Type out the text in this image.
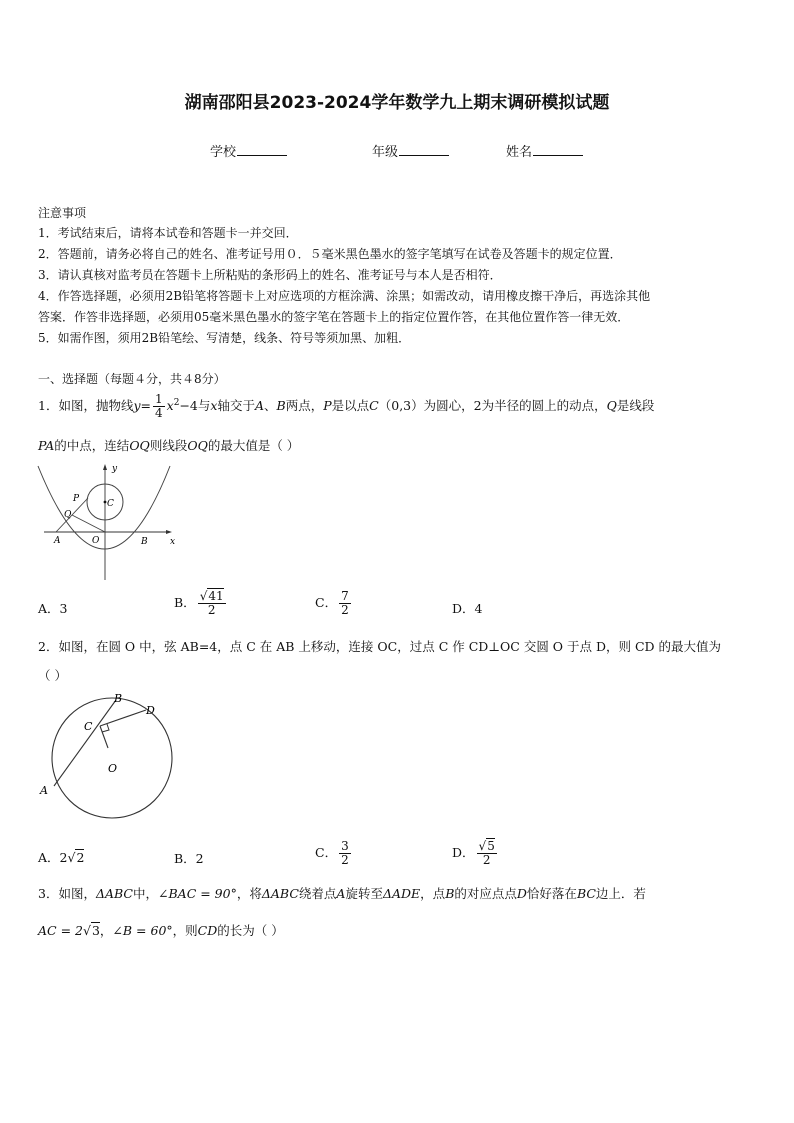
湖南邵阳县2023-2024学年数学九上期末调研模拟试题
学校	年级	姓名
注意事项
1．考试结束后，请将本试卷和答题卡一并交回．
2．答题前，请务必将自己的姓名、准考证号用０．５毫米黑色墨水的签字笔填写在试卷及答题卡的规定位置．
3．请认真核对监考员在答题卡上所粘贴的条形码上的姓名、准考证号与本人是否相符．
4．作答选择题，必须用2B铅笔将答题卡上对应选项的方框涂满、涂黑；如需改动，请用橡皮擦干净后，再选涂其他
答案．作答非选择题，必须用05毫米黑色墨水的签字笔在答题卡上的指定位置作答，在其他位置作答一律无效．
5．如需作图，须用2B铅笔绘、写清楚，线条、符号等须加黑、加粗．
一、选择题（每题４分，共４8分）
1．如图，抛物线$y= \frac{1}{4} x^2-4$与x轴交于A、B两点，P是以点C（0,3）为圆心，2为半径的圆上的动点，Q是线段
PA的中点，连结OQ则线段OQ的最大值是（ ）
y
x
P	C
Q
A	O	B
A．3	B． $\frac{√41}{2}$	C． $\frac{7}{2}$	D．4
2．如图，在圆 O 中，弦 AB=4，点 C 在 AB 上移动，连接 OC，过点 C 作 CD⊥OC 交圆 O 于点 D，则 CD 的最大值为
（ ）
B
D
C
O
A
A．2√2	B．2	C． $\frac{3}{2}$	D． $\frac{√5}{2}$
3．如图，ΔABC中，∠BAC = 90°，将ΔABC绕着点A旋转至ΔADE，点B的对应点点D恰好落在BC边上．若
AC = 2√3，∠B = 60°，则CD的长为（ ）
